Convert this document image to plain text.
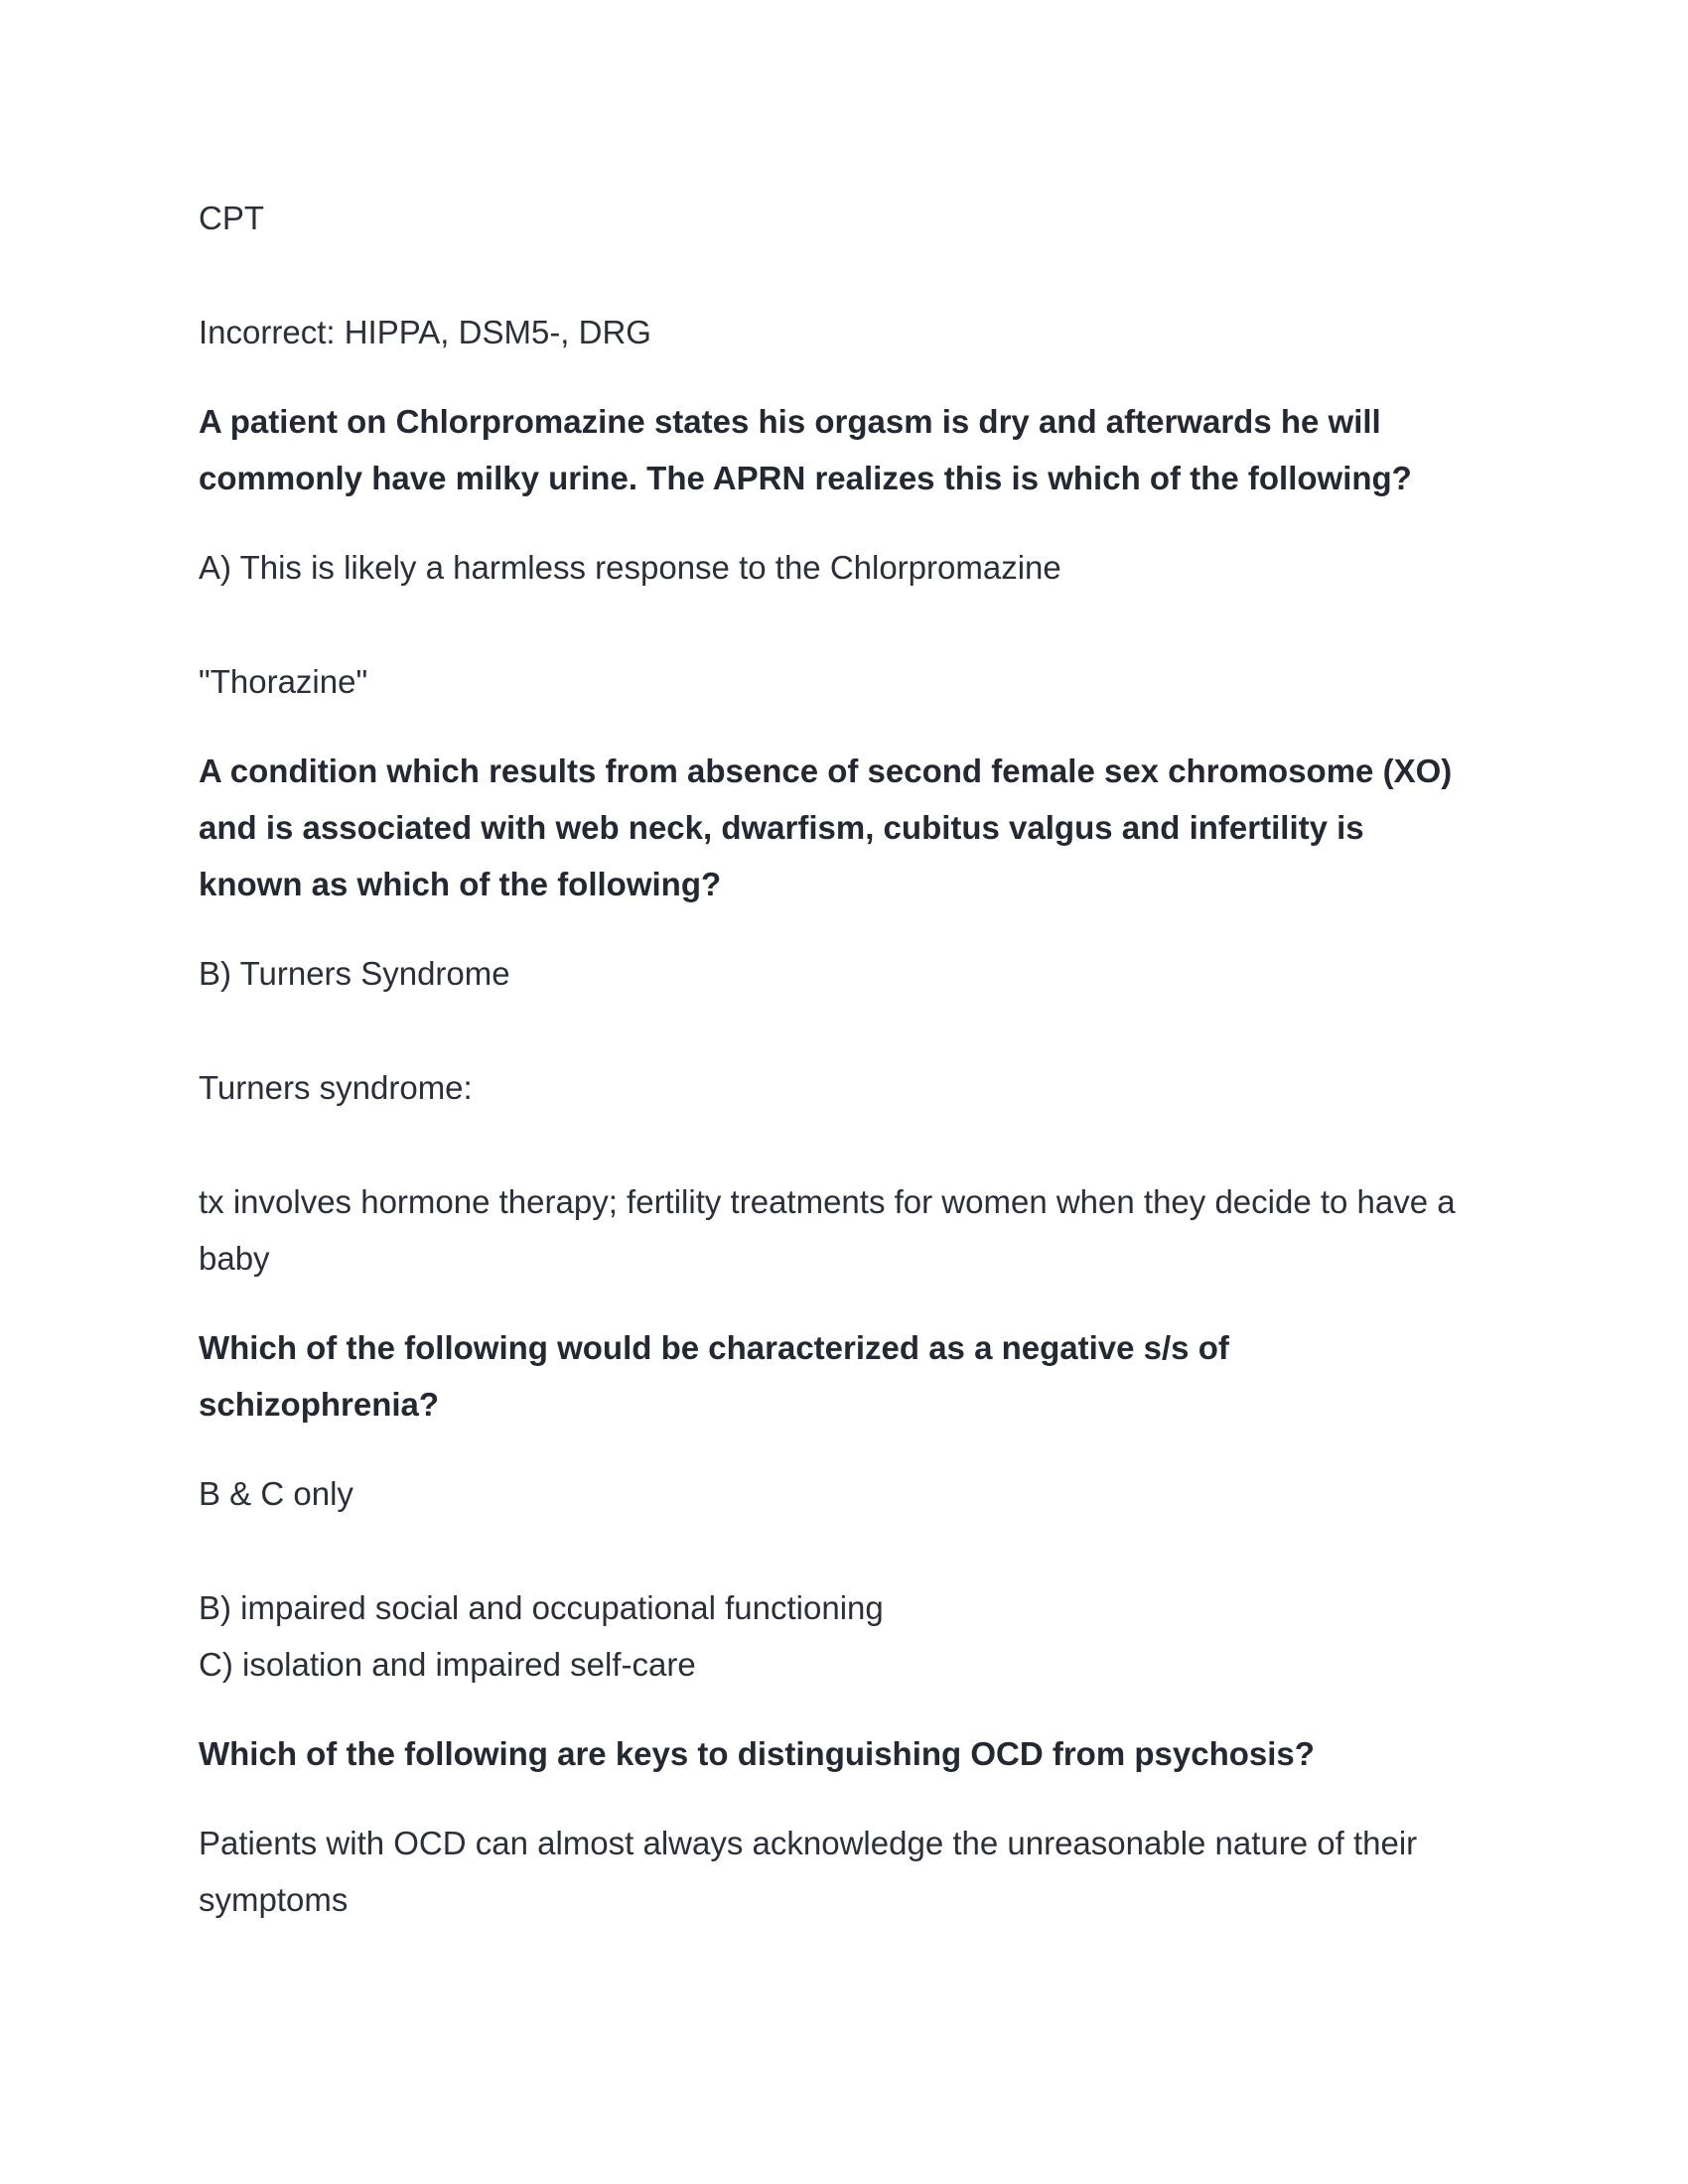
CPT

Incorrect: HIPPA, DSM5-, DRG

A patient on Chlorpromazine states his orgasm is dry and afterwards he will

commonly have milky urine. The APRN realizes this is which of the following?

A) This is likely a harmless response to the Chlorpromazine

"Thorazine"

A condition which results from absence of second female sex chromosome (XO)

and is associated with web neck, dwarfism, cubitus valgus and infertility is

known as which of the following?

B) Turners Syndrome

Turners syndrome:

tx involves hormone therapy; fertility treatments for women when they decide to have a

baby

Which of the following would be characterized as a negative s/s of

schizophrenia?

B & C only

B) impaired social and occupational functioning

C) isolation and impaired self-care

Which of the following are keys to distinguishing OCD from psychosis?

Patients with OCD can almost always acknowledge the unreasonable nature of their

symptoms
